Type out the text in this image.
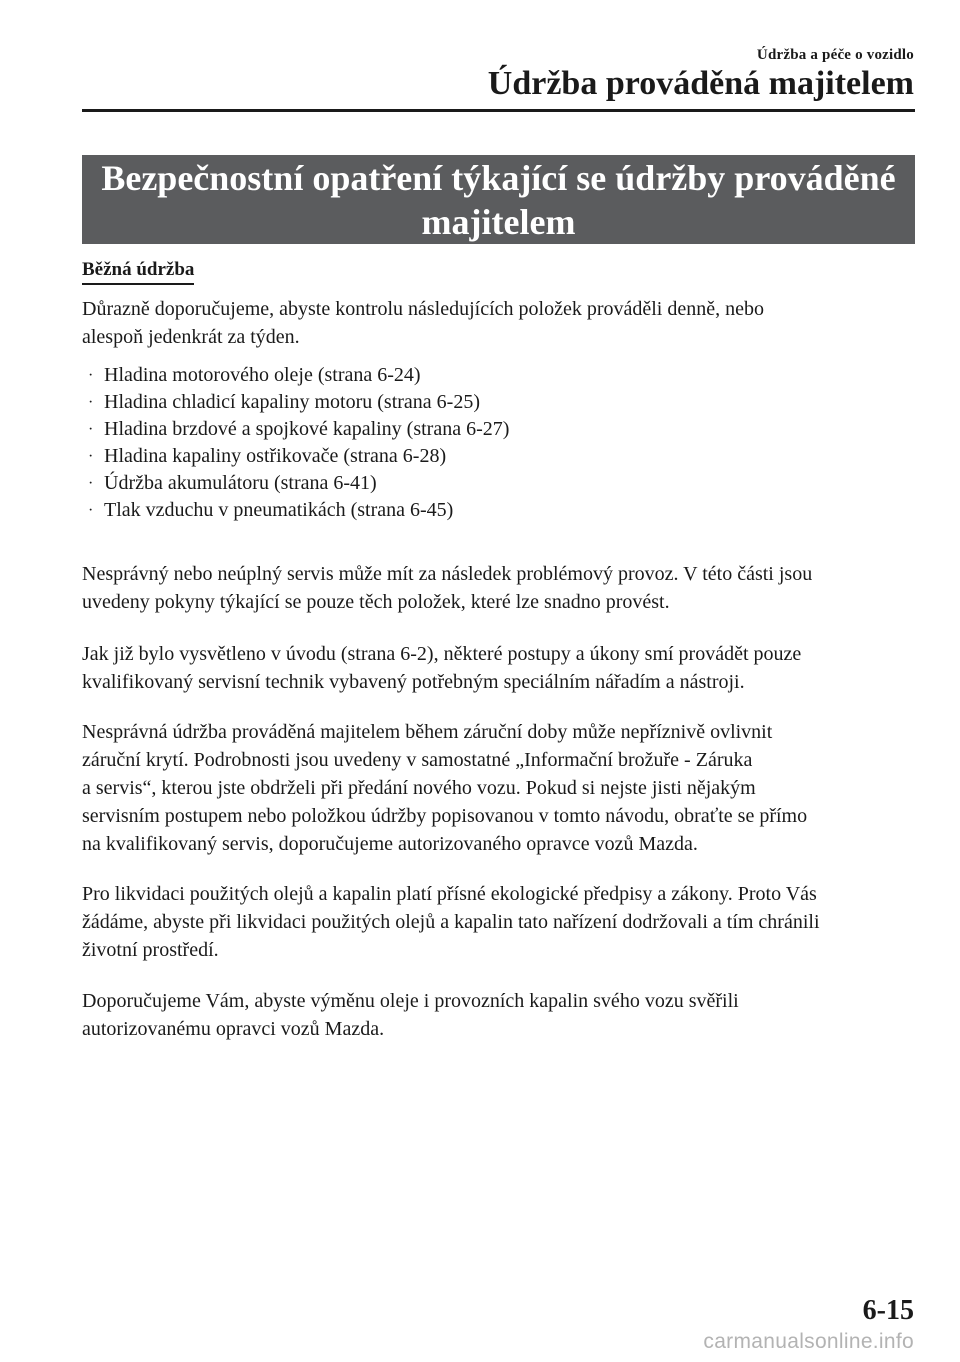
Údržba a péče o vozidlo
Údržba prováděná majitelem
Bezpečnostní opatření týkající se údržby prováděné
majitelem
Běžná údržba

Důrazně doporučujeme, abyste kontrolu následujících položek prováděli denně, nebo
alespoň jedenkrát za týden.

· Hladina motorového oleje (strana 6-24)
· Hladina chladicí kapaliny motoru (strana 6-25)
· Hladina brzdové a spojkové kapaliny (strana 6-27)
· Hladina kapaliny ostřikovače (strana 6-28)
· Údržba akumulátoru (strana 6-41)
· Tlak vzduchu v pneumatikách (strana 6-45)

Nesprávný nebo neúplný servis může mít za následek problémový provoz. V této části jsou
uvedeny pokyny týkající se pouze těch položek, které lze snadno provést.

Jak již bylo vysvětleno v úvodu (strana 6-2), některé postupy a úkony smí provádět pouze
kvalifikovaný servisní technik vybavený potřebným speciálním nářadím a nástroji.

Nesprávná údržba prováděná majitelem během záruční doby může nepříznivě ovlivnit
záruční krytí. Podrobnosti jsou uvedeny v samostatné „Informační brožuře - Záruka
a servis“, kterou jste obdrželi při předání nového vozu. Pokud si nejste jisti nějakým
servisním postupem nebo položkou údržby popisovanou v tomto návodu, obraťte se přímo
na kvalifikovaný servis, doporučujeme autorizovaného opravce vozů Mazda.

Pro likvidaci použitých olejů a kapalin platí přísné ekologické předpisy a zákony. Proto Vás
žádáme, abyste při likvidaci použitých olejů a kapalin tato nařízení dodržovali a tím chránili
životní prostředí.

Doporučujeme Vám, abyste výměnu oleje i provozních kapalin svého vozu svěřili
autorizovanému opravci vozů Mazda.

6-15
carmanualsonline.info
